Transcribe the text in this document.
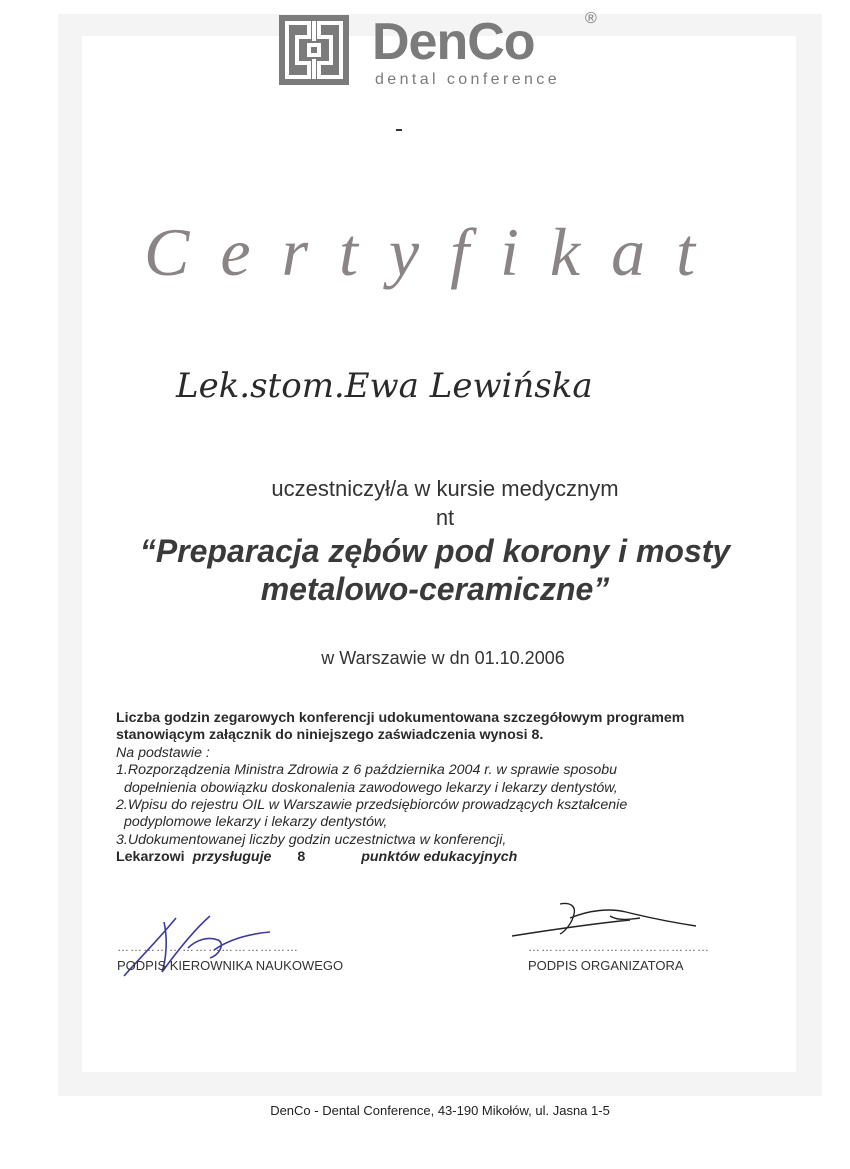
DenCo	®
dental conference
Certyfikat
Lek.stom.Ewa Lewińska
uczestniczył/a w kursie medycznym
nt
“Preparacja zębów pod korony i mosty
metalowo-ceramiczne”
w Warszawie w dn 01.10.2006
Liczba godzin zegarowych konferencji udokumentowana szczegółowym programem
stanowiącym załącznik do niniejszego zaświadczenia wynosi 8.
Na podstawie :
1.Rozporządzenia Ministra Zdrowia z 6 października 2004 r. w sprawie sposobu
dopełnienia obowiązku doskonalenia zawodowego lekarzy i lekarzy dentystów,
2.Wpisu do rejestru OIL w Warszawie przedsiębiorców prowadzących kształcenie
podyplomowe lekarzy i lekarzy dentystów,
3.Udokumentowanej liczby godzin uczestnictwa w konferencji,
Lekarzowi przysługuje 8	punktów edukacyjnych
……………………………………	……………………………………
PODPIS KIEROWNIKA NAUKOWEGO	PODPIS ORGANIZATORA
DenCo - Dental Conference, 43-190 Mikołów, ul. Jasna 1-5
